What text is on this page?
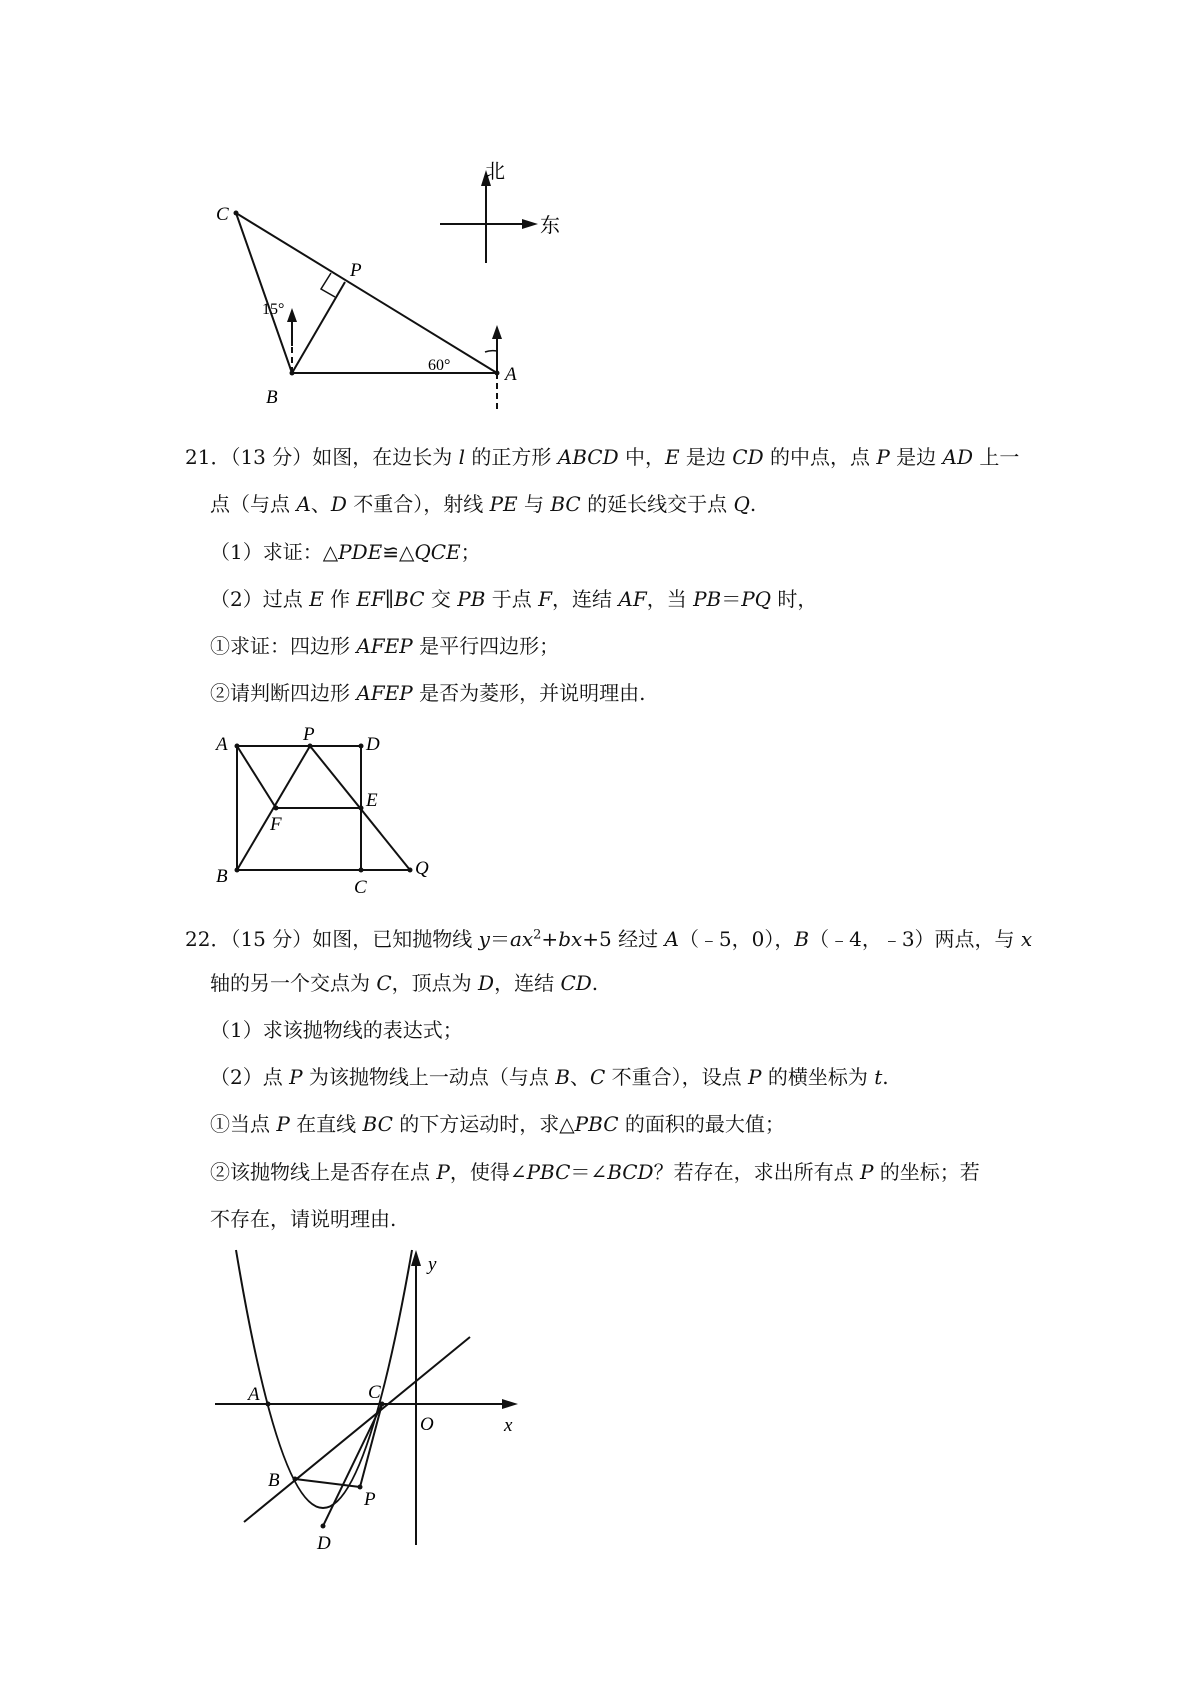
北
东
C
P
B
A
15°
60°
21．（13 分）如图，在边长为 l 的正方形 ABCD 中，E 是边 CD 的中点，点 P 是边 AD 上一
点（与点 A、D 不重合），射线 PE 与 BC 的延长线交于点 Q.
（1）求证：△PDE≌△QCE；
（2）过点 E 作 EF∥BC 交 PB 于点 F，连结 AF，当 PB＝PQ 时，
①求证：四边形 AFEP 是平行四边形；
②请判断四边形 AFEP 是否为菱形，并说明理由.
A	P	D
F
E
B
C
Q
22．（15 分）如图，已知抛物线 $y=ax^2+bx+5$ 经过 A（﹣5，0），B（﹣4，﹣3）两点，与 x
轴的另一个交点为 C，顶点为 D，连结 CD.
（1）求该抛物线的表达式；
（2）点 P 为该抛物线上一动点（与点 B、C 不重合），设点 P 的横坐标为 t.
①当点 P 在直线 BC 的下方运动时，求△PBC 的面积的最大值；
②该抛物线上是否存在点 P，使得∠PBC＝∠BCD？若存在，求出所有点 P 的坐标；若
不存在，请说明理由.
A	C
O	x
y
B
P
D
